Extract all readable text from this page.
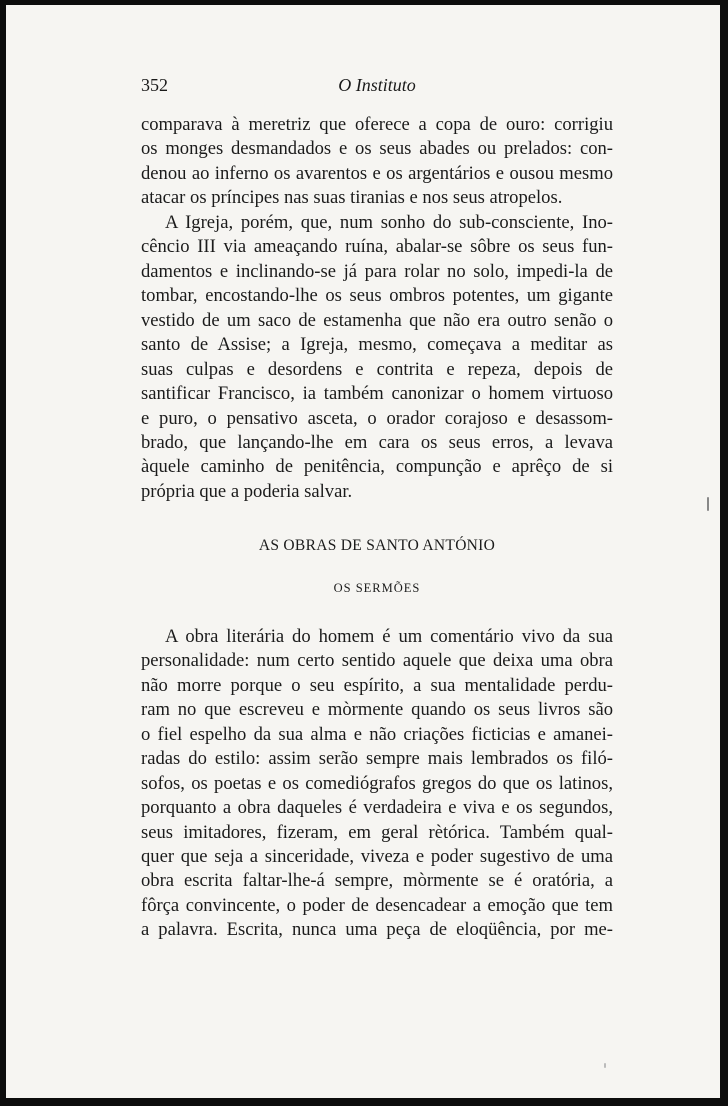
352	O Instituto
comparava à meretriz que oferece a copa de ouro: corrigiu
os monges desmandados e os seus abades ou prelados: con-
denou ao inferno os avarentos e os argentários e ousou mesmo
atacar os príncipes nas suas tiranias e nos seus atropelos.
A Igreja, porém, que, num sonho do sub-consciente, Ino-
cêncio III via ameaçando ruína, abalar-se sôbre os seus fun-
damentos e inclinando-se já para rolar no solo, impedi-la de
tombar, encostando-lhe os seus ombros potentes, um gigante
vestido de um saco de estamenha que não era outro senão o
santo de Assise; a Igreja, mesmo, começava a meditar as
suas culpas e desordens e contrita e repeza, depois de
santificar Francisco, ia também canonizar o homem virtuoso
e puro, o pensativo asceta, o orador corajoso e desassom-
brado, que lançando-lhe em cara os seus erros, a levava
àquele caminho de penitência, compunção e aprêço de si
própria que a poderia salvar.
AS OBRAS DE SANTO ANTÓNIO
OS SERMÕES
A obra literária do homem é um comentário vivo da sua
personalidade: num certo sentido aquele que deixa uma obra
não morre porque o seu espírito, a sua mentalidade perdu-
ram no que escreveu e mòrmente quando os seus livros são
o fiel espelho da sua alma e não criações ficticias e amanei-
radas do estilo: assim serão sempre mais lembrados os filó-
sofos, os poetas e os comediógrafos gregos do que os latinos,
porquanto a obra daqueles é verdadeira e viva e os segundos,
seus imitadores, fizeram, em geral rètórica. Também qual-
quer que seja a sinceridade, viveza e poder sugestivo de uma
obra escrita faltar-lhe-á sempre, mòrmente se é oratória, a
fôrça convincente, o poder de desencadear a emoção que tem
a palavra. Escrita, nunca uma peça de eloqüência, por me-
